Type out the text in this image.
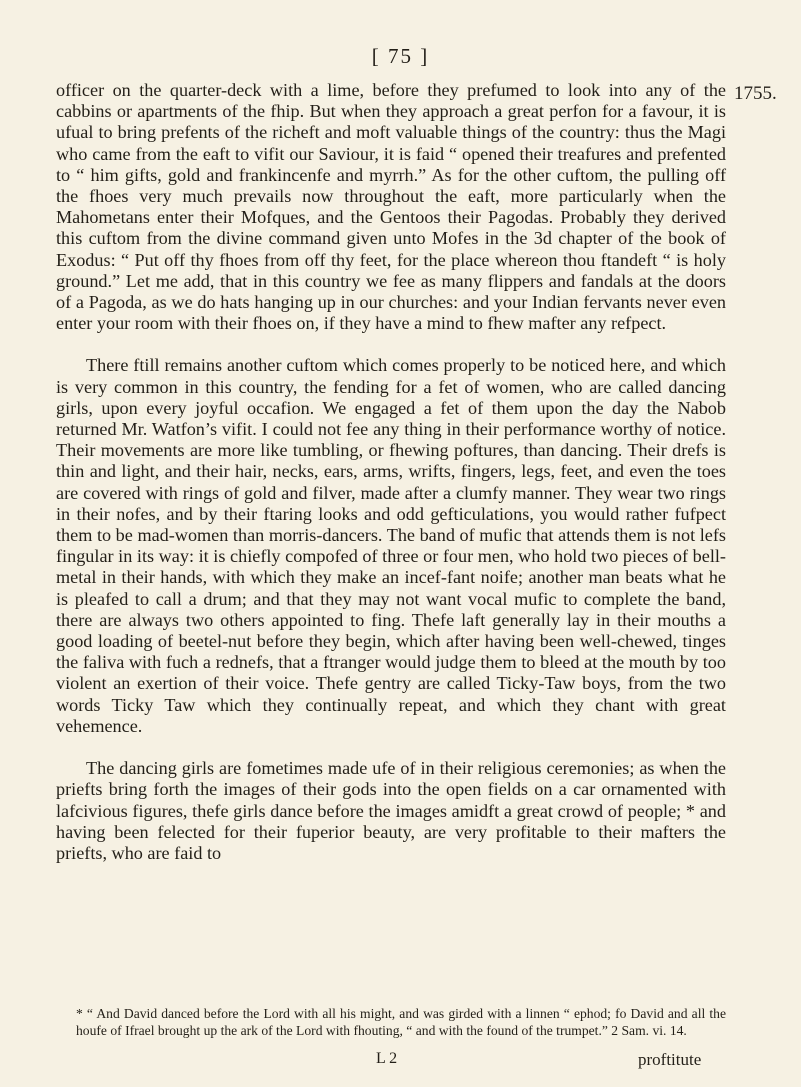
[ 75 ]
1755.

officer on the quarter-deck with a lime, before they prefumed to look into any of the cabbins or apartments of the fhip. But when they approach a great perfon for a favour, it is ufual to bring prefents of the richeft and moft valuable things of the country: thus the Magi who came from the eaft to vifit our Saviour, it is faid “ opened their treafures and prefented to “ him gifts, gold and frankincenfe and myrrh.” As for the other cuftom, the pulling off the fhoes very much prevails now throughout the eaft, more particularly when the Mahometans enter their Mofques, and the Gentoos their Pagodas. Probably they derived this cuftom from the divine command given unto Mofes in the 3d chapter of the book of Exodus: “ Put off thy fhoes from off thy feet, for the place whereon thou ftandeft “ is holy ground.” Let me add, that in this country we fee as many flippers and fandals at the doors of a Pagoda, as we do hats hanging up in our churches: and your Indian fervants never even enter your room with their fhoes on, if they have a mind to fhew mafter any refpect.

There ftill remains another cuftom which comes properly to be noticed here, and which is very common in this country, the fending for a fet of women, who are called dancing girls, upon every joyful occafion. We engaged a fet of them upon the day the Nabob returned Mr. Watfon’s vifit. I could not fee any thing in their performance worthy of notice. Their movements are more like tumbling, or fhewing poftures, than dancing. Their drefs is thin and light, and their hair, necks, ears, arms, wrifts, fingers, legs, feet, and even the toes are covered with rings of gold and filver, made after a clumfy manner. They wear two rings in their nofes, and by their ftaring looks and odd gefticulations, you would rather fufpect them to be mad-women than morris-dancers. The band of mufic that attends them is not lefs fingular in its way: it is chiefly compofed of three or four men, who hold two pieces of bell-metal in their hands, with which they make an incef-fant noife; another man beats what he is pleafed to call a drum; and that they may not want vocal mufic to complete the band, there are always two others appointed to fing. Thefe laft generally lay in their mouths a good loading of beetel-nut before they begin, which after having been well-chewed, tinges the faliva with fuch a rednefs, that a ftranger would judge them to bleed at the mouth by too violent an exertion of their voice. Thefe gentry are called Ticky-Taw boys, from the two words Ticky Taw which they continually repeat, and which they chant with great vehemence.

The dancing girls are fometimes made ufe of in their religious ceremonies; as when the priefts bring forth the images of their gods into the open fields on a car ornamented with lafcivious figures, thefe girls dance before the images amidft a great crowd of people; * and having been felected for their fuperior beauty, are very profitable to their mafters the priefts, who are faid to

* “ And David danced before the Lord with all his might, and was girded with a linnen “ ephod; fo David and all the houfe of Ifrael brought up the ark of the Lord with fhouting, “ and with the found of the trumpet.” 2 Sam. vi. 14.
L 2	proftitute
